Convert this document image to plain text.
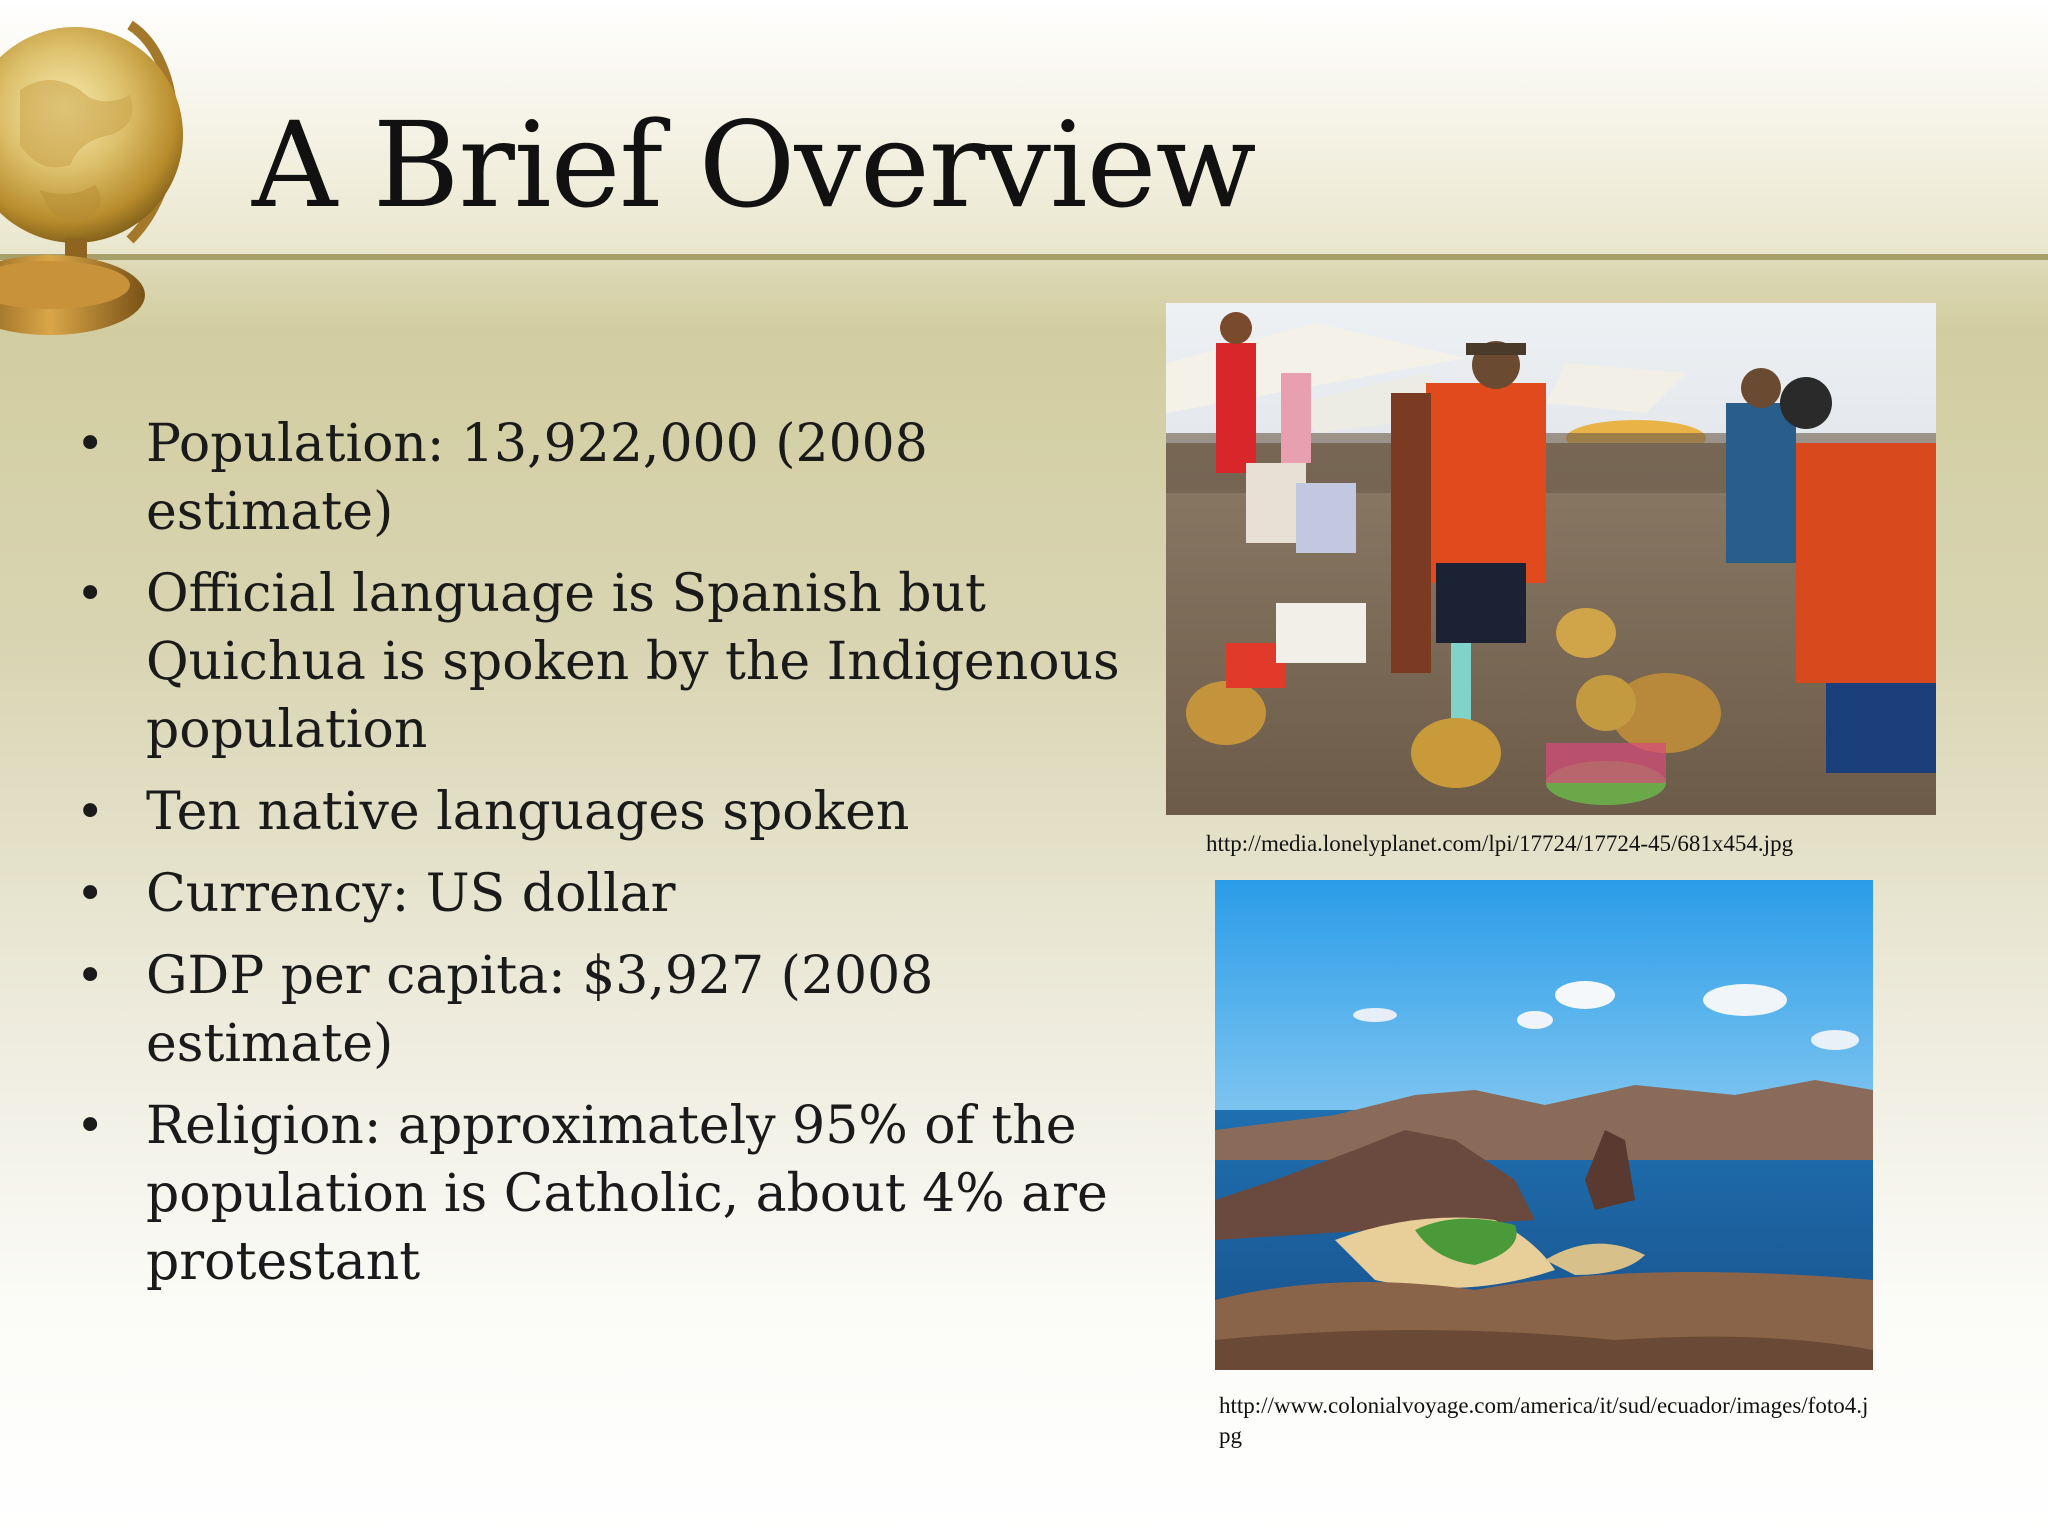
A Brief Overview
• Population: 13,922,000 (2008 estimate)
• Official language is Spanish but Quichua is spoken by the Indigenous population
• Ten native languages spoken
• Currency: US dollar
• GDP per capita: $3,927 (2008 estimate)
• Religion: approximately 95% of the population is Catholic, about 4% are protestant
http://media.lonelyplanet.com/lpi/17724/17724-45/681x454.jpg
http://www.colonialvoyage.com/america/it/sud/ecuador/images/foto4.jpg
